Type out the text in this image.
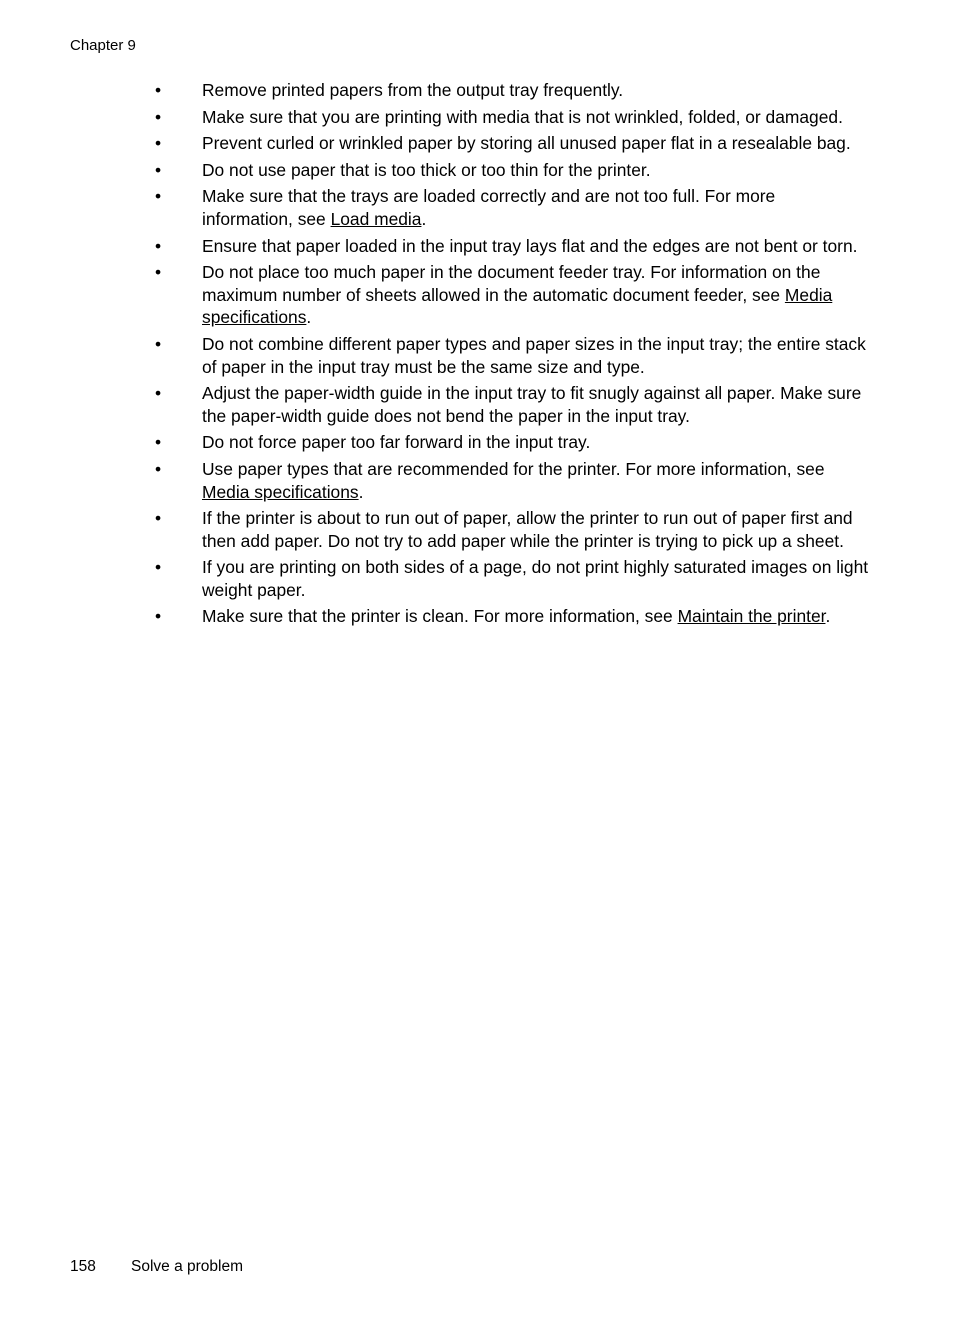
Chapter 9
• Remove printed papers from the output tray frequently.
• Make sure that you are printing with media that is not wrinkled, folded, or damaged.
• Prevent curled or wrinkled paper by storing all unused paper flat in a resealable bag.
• Do not use paper that is too thick or too thin for the printer.
• Make sure that the trays are loaded correctly and are not too full. For more information, see Load media.
• Ensure that paper loaded in the input tray lays flat and the edges are not bent or torn.
• Do not place too much paper in the document feeder tray. For information on the maximum number of sheets allowed in the automatic document feeder, see Media specifications.
• Do not combine different paper types and paper sizes in the input tray; the entire stack of paper in the input tray must be the same size and type.
• Adjust the paper-width guide in the input tray to fit snugly against all paper. Make sure the paper-width guide does not bend the paper in the input tray.
• Do not force paper too far forward in the input tray.
• Use paper types that are recommended for the printer. For more information, see Media specifications.
• If the printer is about to run out of paper, allow the printer to run out of paper first and then add paper. Do not try to add paper while the printer is trying to pick up a sheet.
• If you are printing on both sides of a page, do not print highly saturated images on light weight paper.
• Make sure that the printer is clean. For more information, see Maintain the printer.
158 Solve a problem
